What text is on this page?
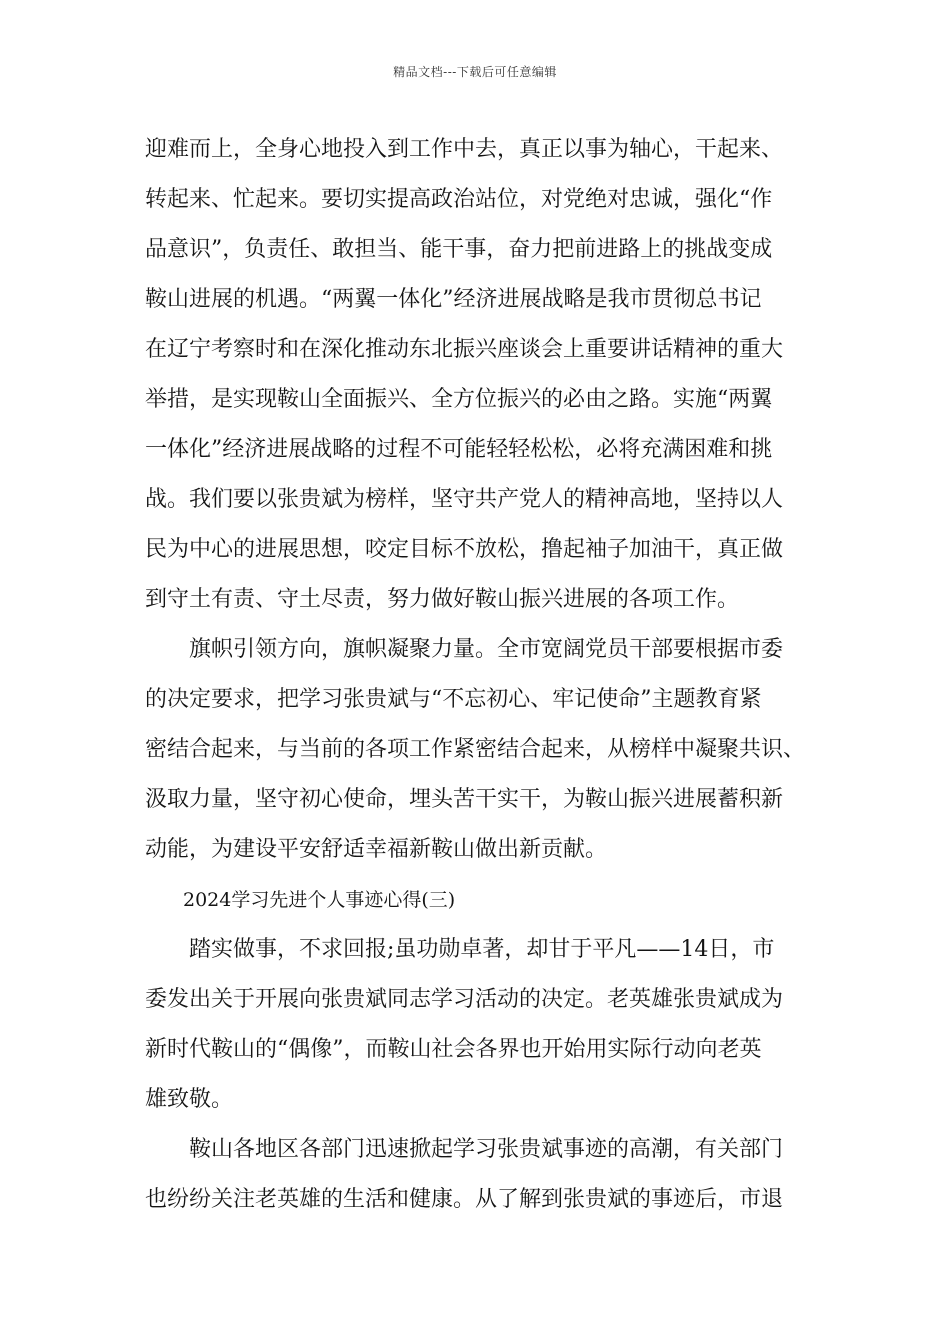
精品文档---下载后可任意编辑
迎难而上，全身心地投入到工作中去，真正以事为轴心，干起来、
转起来、忙起来。要切实提高政治站位，对党绝对忠诚，强化“作
品意识”，负责任、敢担当、能干事，奋力把前进路上的挑战变成
鞍山进展的机遇。“两翼一体化”经济进展战略是我市贯彻总书记
在辽宁考察时和在深化推动东北振兴座谈会上重要讲话精神的重大
举措，是实现鞍山全面振兴、全方位振兴的必由之路。实施“两翼
一体化”经济进展战略的过程不可能轻轻松松，必将充满困难和挑
战。我们要以张贵斌为榜样，坚守共产党人的精神高地，坚持以人
民为中心的进展思想，咬定目标不放松，撸起袖子加油干，真正做
到守土有责、守土尽责，努力做好鞍山振兴进展的各项工作。
　　旗帜引领方向，旗帜凝聚力量。全市宽阔党员干部要根据市委
的决定要求，把学习张贵斌与“不忘初心、牢记使命”主题教育紧
密结合起来，与当前的各项工作紧密结合起来，从榜样中凝聚共识、
汲取力量，坚守初心使命，埋头苦干实干，为鞍山振兴进展蓄积新
动能，为建设平安舒适幸福新鞍山做出新贡献。
　　2024学习先进个人事迹心得(三)
　　踏实做事，不求回报;虽功勋卓著，却甘于平凡——14日，市
委发出关于开展向张贵斌同志学习活动的决定。老英雄张贵斌成为
新时代鞍山的“偶像”，而鞍山社会各界也开始用实际行动向老英
雄致敬。
　　鞍山各地区各部门迅速掀起学习张贵斌事迹的高潮，有关部门
也纷纷关注老英雄的生活和健康。从了解到张贵斌的事迹后，市退
